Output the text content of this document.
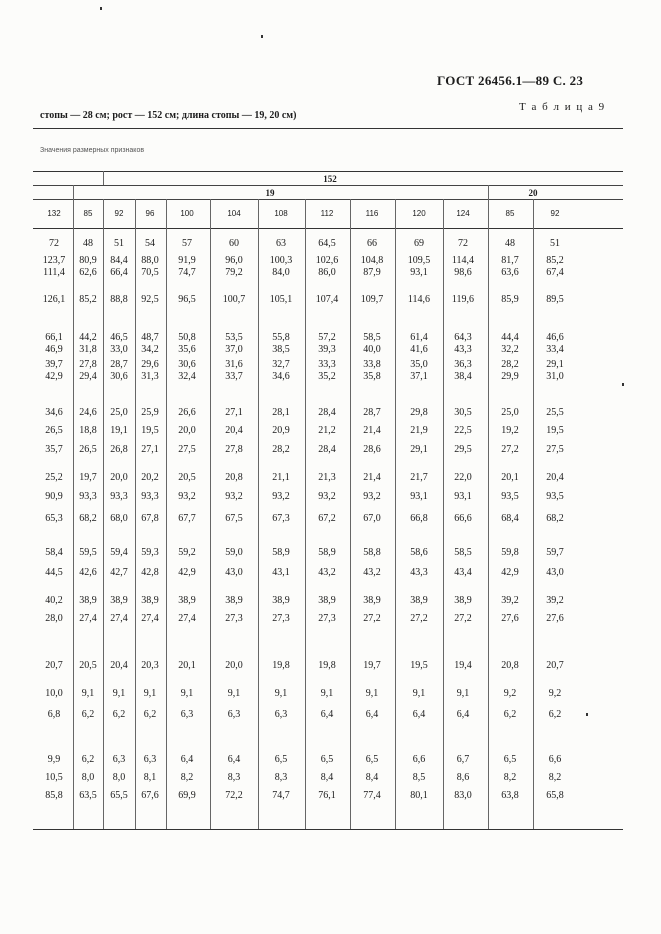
ГОСТ 26456.1—89 С. 23
Т а б л и ц а 9
стопы — 28 см; рост — 152 см; длина стопы — 19, 20 см)
Значения размерных признаков
152
19	20
132	85	92	96	100	104	108	112	116	120	124	85	92
72	48	51	54	57	60	63	64,5	66	69	72	48	51
123,7	80,9	84,4	88,0	91,9	96,0	100,3	102,6	104,8	109,5	114,4	81,7	85,2
111,4	62,6	66,4	70,5	74,7	79,2	84,0	86,0	87,9	93,1	98,6	63,6	67,4
126,1	85,2	88,8	92,5	96,5	100,7	105,1	107,4	109,7	114,6	119,6	85,9	89,5
66,1	44,2	46,5	48,7	50,8	53,5	55,8	57,2	58,5	61,4	64,3	44,4	46,6
46,9	31,8	33,0	34,2	35,6	37,0	38,5	39,3	40,0	41,6	43,3	32,2	33,4
39,7	27,8	28,7	29,6	30,6	31,6	32,7	33,3	33,8	35,0	36,3	28,2	29,1
42,9	29,4	30,6	31,3	32,4	33,7	34,6	35,2	35,8	37,1	38,4	29,9	31,0
34,6	24,6	25,0	25,9	26,6	27,1	28,1	28,4	28,7	29,8	30,5	25,0	25,5
26,5	18,8	19,1	19,5	20,0	20,4	20,9	21,2	21,4	21,9	22,5	19,2	19,5
35,7	26,5	26,8	27,1	27,5	27,8	28,2	28,4	28,6	29,1	29,5	27,2	27,5
25,2	19,7	20,0	20,2	20,5	20,8	21,1	21,3	21,4	21,7	22,0	20,1	20,4
90,9	93,3	93,3	93,3	93,2	93,2	93,2	93,2	93,2	93,1	93,1	93,5	93,5
65,3	68,2	68,0	67,8	67,7	67,5	67,3	67,2	67,0	66,8	66,6	68,4	68,2
58,4	59,5	59,4	59,3	59,2	59,0	58,9	58,9	58,8	58,6	58,5	59,8	59,7
44,5	42,6	42,7	42,8	42,9	43,0	43,1	43,2	43,2	43,3	43,4	42,9	43,0
40,2	38,9	38,9	38,9	38,9	38,9	38,9	38,9	38,9	38,9	38,9	39,2	39,2
28,0	27,4	27,4	27,4	27,4	27,3	27,3	27,3	27,2	27,2	27,2	27,6	27,6
20,7	20,5	20,4	20,3	20,1	20,0	19,8	19,8	19,7	19,5	19,4	20,8	20,7
10,0	9,1	9,1	9,1	9,1	9,1	9,1	9,1	9,1	9,1	9,1	9,2	9,2
6,8	6,2	6,2	6,2	6,3	6,3	6,3	6,4	6,4	6,4	6,4	6,2	6,2
9,9	6,2	6,3	6,3	6,4	6,4	6,5	6,5	6,5	6,6	6,7	6,5	6,6
10,5	8,0	8,0	8,1	8,2	8,3	8,3	8,4	8,4	8,5	8,6	8,2	8,2
85,8	63,5	65,5	67,6	69,9	72,2	74,7	76,1	77,4	80,1	83,0	63,8	65,8
